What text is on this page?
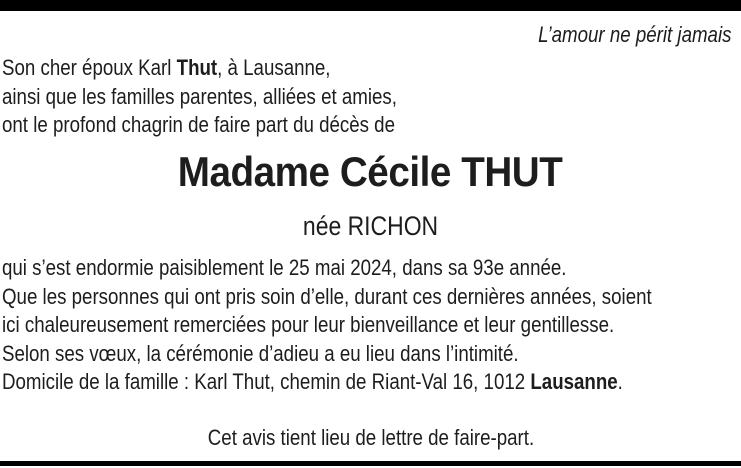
L’amour ne périt jamais
Son cher époux Karl Thut, à Lausanne,
ainsi que les familles parentes, alliées et amies,
ont le profond chagrin de faire part du décès de
Madame Cécile THUT
née RICHON
qui s’est endormie paisiblement le 25 mai 2024, dans sa 93e année.
Que les personnes qui ont pris soin d’elle, durant ces dernières années, soient
ici chaleureusement remerciées pour leur bienveillance et leur gentillesse.
Selon ses vœux, la cérémonie d’adieu a eu lieu dans l’intimité.
Domicile de la famille : Karl Thut, chemin de Riant-Val 16, 1012 Lausanne.
Cet avis tient lieu de lettre de faire-part.
